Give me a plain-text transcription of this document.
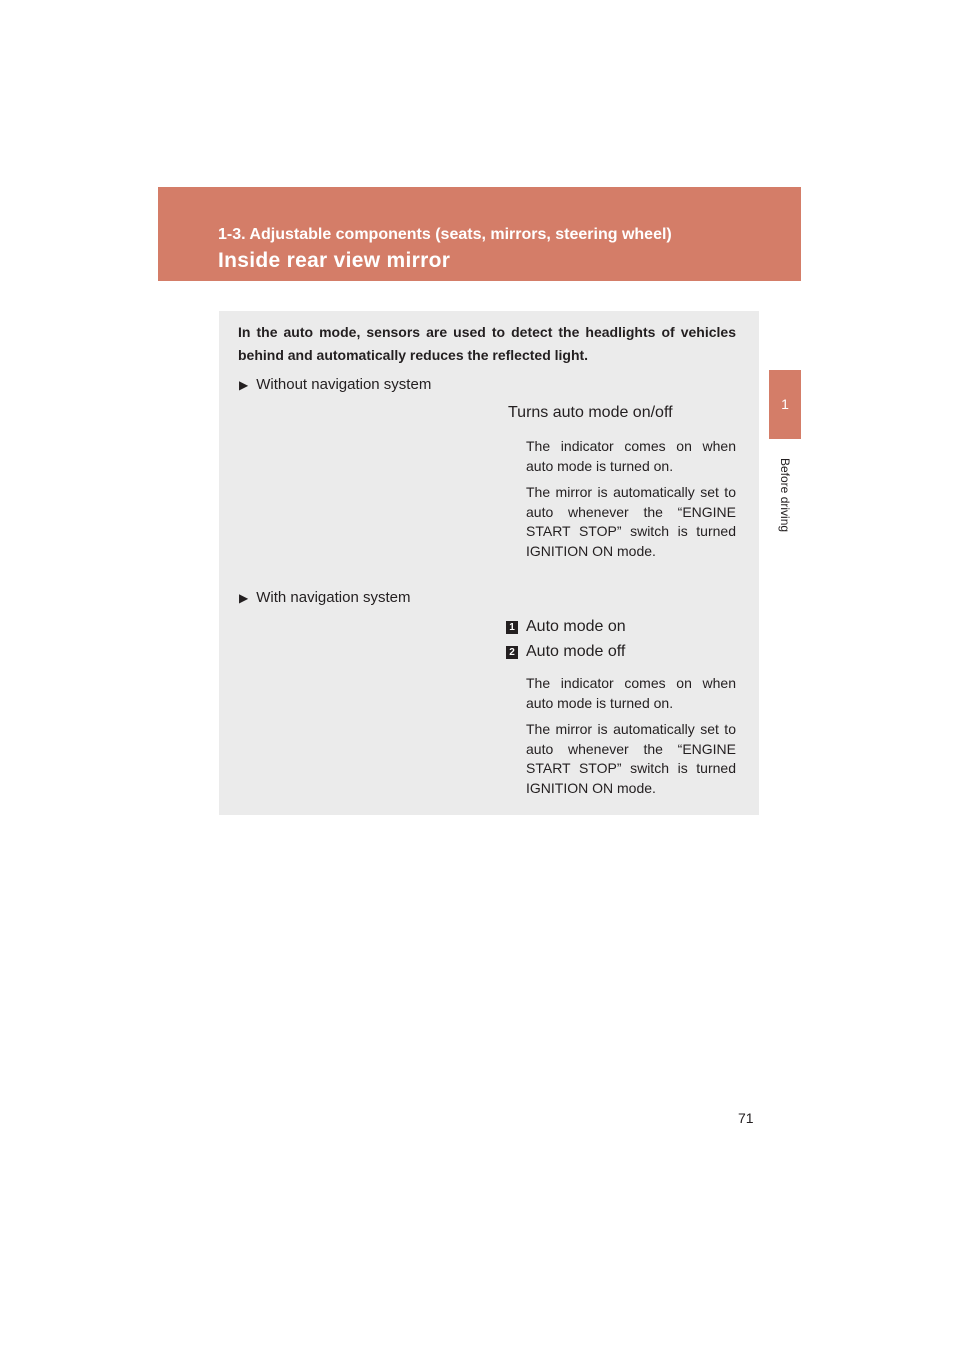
1-3. Adjustable components (seats, mirrors, steering wheel)
Inside rear view mirror
1
Before driving
In the auto mode, sensors are used to detect the headlights of vehicles behind and automatically reduces the reflected light.
▶ Without navigation system
Turns auto mode on/off
The indicator comes on when auto mode is turned on.
The mirror is automatically set to auto whenever the “ENGINE START STOP” switch is turned IGNITION ON mode.
▶ With navigation system
1 Auto mode on
2 Auto mode off
The indicator comes on when auto mode is turned on.
The mirror is automatically set to auto whenever the “ENGINE START STOP” switch is turned IGNITION ON mode.
71
